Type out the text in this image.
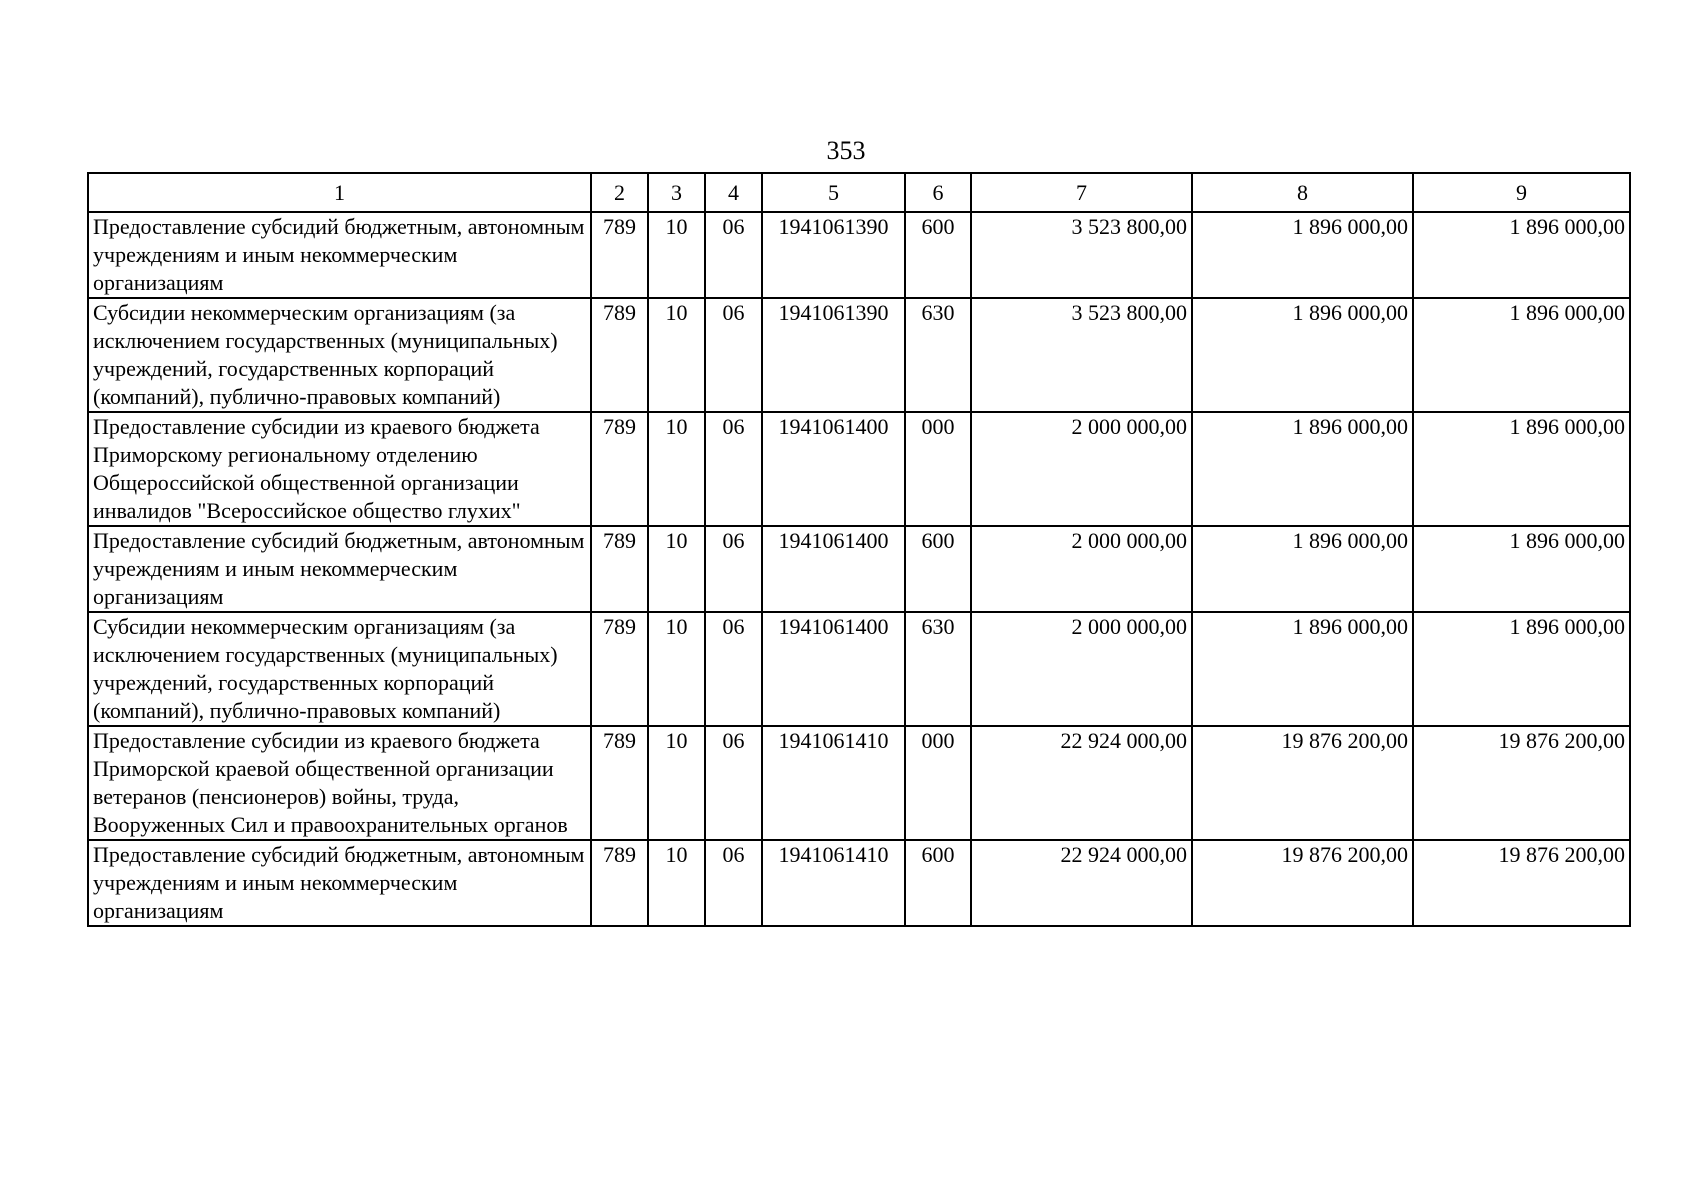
353
1	2	3	4	5	6	7	8	9
Предоставление субсидий бюджетным, автономным учреждениям и иным некоммерческим организациям	789	10	06	1941061390	600	3 523 800,00	1 896 000,00	1 896 000,00
Субсидии некоммерческим организациям (за исключением государственных (муниципальных) учреждений, государственных корпораций (компаний), публично-правовых компаний)	789	10	06	1941061390	630	3 523 800,00	1 896 000,00	1 896 000,00
Предоставление субсидии из краевого бюджета Приморскому региональному отделению Общероссийской общественной организации инвалидов "Всероссийское общество глухих"	789	10	06	1941061400	000	2 000 000,00	1 896 000,00	1 896 000,00
Предоставление субсидий бюджетным, автономным учреждениям и иным некоммерческим организациям	789	10	06	1941061400	600	2 000 000,00	1 896 000,00	1 896 000,00
Субсидии некоммерческим организациям (за исключением государственных (муниципальных) учреждений, государственных корпораций (компаний), публично-правовых компаний)	789	10	06	1941061400	630	2 000 000,00	1 896 000,00	1 896 000,00
Предоставление субсидии из краевого бюджета Приморской краевой общественной организации ветеранов (пенсионеров) войны, труда, Вооруженных Сил и правоохранительных органов	789	10	06	1941061410	000	22 924 000,00	19 876 200,00	19 876 200,00
Предоставление субсидий бюджетным, автономным учреждениям и иным некоммерческим организациям	789	10	06	1941061410	600	22 924 000,00	19 876 200,00	19 876 200,00
